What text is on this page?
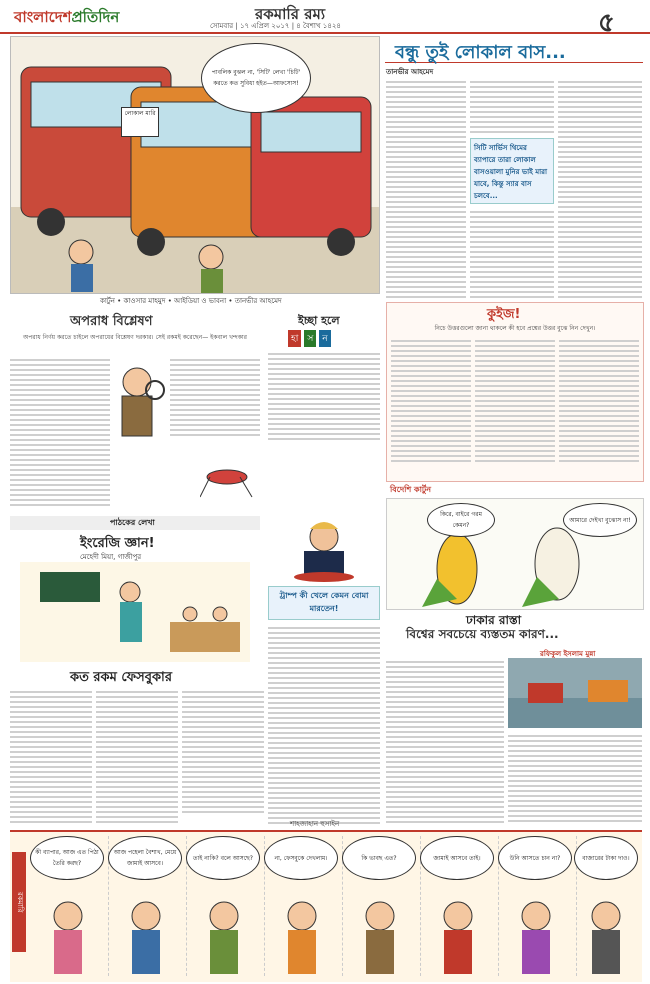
বাংলাদেশপ্রতিদিন	রকমারি রম্য
সোমবার | ১৭ এপ্রিল ২০১৭ | ৪ বৈশাখ ১৪২৪	৫
পাবলিক বুঝল না, 'সিটি' লেখা 'চিটি' করতে কত সুবিধা হইত—আফসোস!
লোকাল মারি
কার্টুন • কাওসার মাহমুদ • আইডিয়া ও ভাবনা • তানভীর আহমেদ
বন্ধু তুই লোকাল বাস...
তানভীর আহমেদ
সিটি সার্ভিস থিমের ব্যাপারে তারা লোকাল বাসওয়ালা মুনির ভাই মারা যাবে, কিন্তু স্যার বাস চলবে...
অপরাধ বিশ্লেষণ
অপরাধ নির্ণয় করতে চাইলে অপরাধের বিশ্লেষণ দরকার। সেই রকমই করেছেন— ইকবাল খন্দকার
ইচ্ছা হলে
হা	স	ন
কুইজ!
নিচে উত্তরগুলো জানা থাকলে কী হবে প্রশ্নের উত্তর বুঝে নিন দেখুন।
পাঠকের লেখা
ইংরেজি জ্ঞান!
মেহেদী মিয়া, গাজীপুর
ট্রাম্প কী খেলে কেমন বোমা মারতেন!
বিদেশি কার্টুন
কিরে, বাইরে গরম কেমন?
আমারে দেইখা বুঝোস না!
ঢাকার রাস্তা
বিশ্বের সবচেয়ে ব্যস্ততম কারণ...
রফিকুল ইসলাম মুন্না
কত রকম ফেসবুকার
শাহজাহান হুসাইন
রকমারি
কী ব্যাপার, আজ এত পিঠা তৈরি করছ?
আজ পহেলা বৈশাখ, মেয়ে জামাই আসবে।
তাই নাকি? বলে আসছে?	না, ফেসবুকে দেখলাম।	কি ভাবছ এত?	জামাই আসবে তাই।	উনি আসতে চান না?	বাজারের টাকা দাও।
